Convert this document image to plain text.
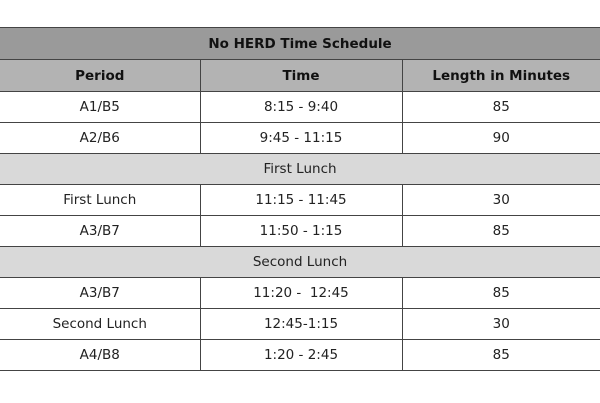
No HERD Time Schedule		
Period	Time	Length in Minutes
A1/B5	8:15 - 9:40	85
A2/B6	9:45 - 11:15	90
First Lunch		
First Lunch	11:15 - 11:45	30
A3/B7	11:50 - 1:15	85
Second Lunch		
A3/B7	11:20 -  12:45	85
Second Lunch	12:45-1:15	30
A4/B8	1:20 - 2:45	85
